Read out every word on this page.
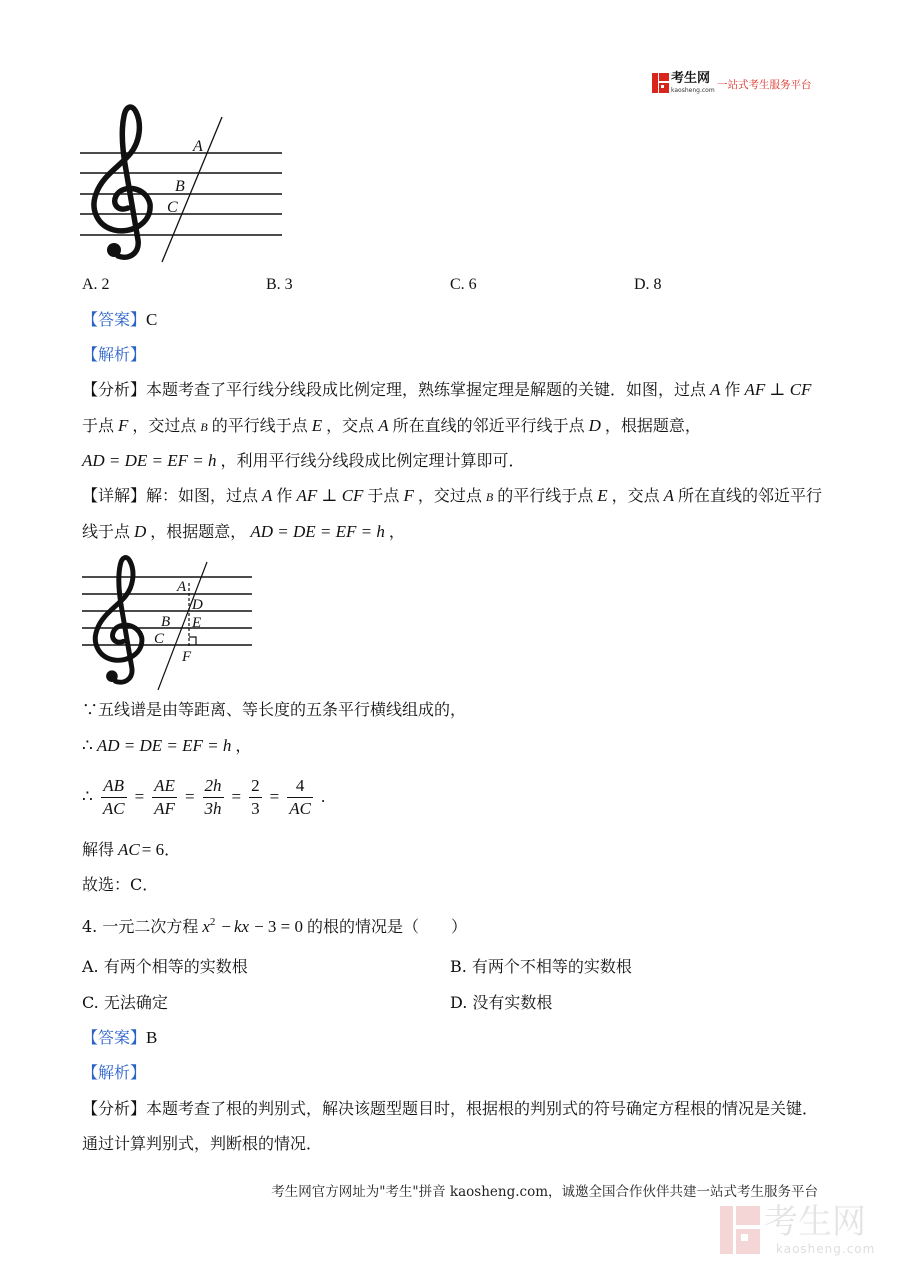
考生网
kaosheng.com 一站式考生服务平台
A
B
C
A. 2	B. 3	C. 6	D. 8
【答案】 C
【解析】
【分析】 本题考查了平行线分线段成比例定理，熟练掌握定理是解题的关键．如图，过点 A 作 AF ⊥ CF
于点 F ，交过点 B 的平行线于点 E ，交点 A 所在直线的邻近平行线于点 D ，根据题意，
AD = DE = EF = h ，利用平行线分线段成比例定理计算即可．
【详解】 解：如图，过点 A 作 AF ⊥ CF 于点 F ，交过点 B 的平行线于点 E ，交点 A 所在直线的邻近平行
线于点 D ，根据题意， AD = DE = EF = h ，
A
D
B E
C
F
∵五线谱是由等距离、等长度的五条平行横线组成的，
∴ AD = DE = EF = h ，
∴ $\frac{AB}{AC} = \frac{AE}{AF} = \frac{2h}{3h} = \frac{2}{3} = \frac{4}{AC}$ .
解得 AC = 6 ．
故选：C．
4. 一元二次方程 x 2 − kx − 3 = 0 的根的情况是（　　）
A. 有两个相等的实数根	B. 有两个不相等的实数根
C. 无法确定	D. 没有实数根
【答案】 B
【解析】
【分析】 本题考查了根的判别式，解决该题型题目时，根据根的判别式的符号确定方程根的情况是关键．
通过计算判别式，判断根的情况．
考生网官方网址为"考生"拼音 kaosheng.com，诚邀全国合作伙伴共建一站式考生服务平台
考生网
kaosheng.com
